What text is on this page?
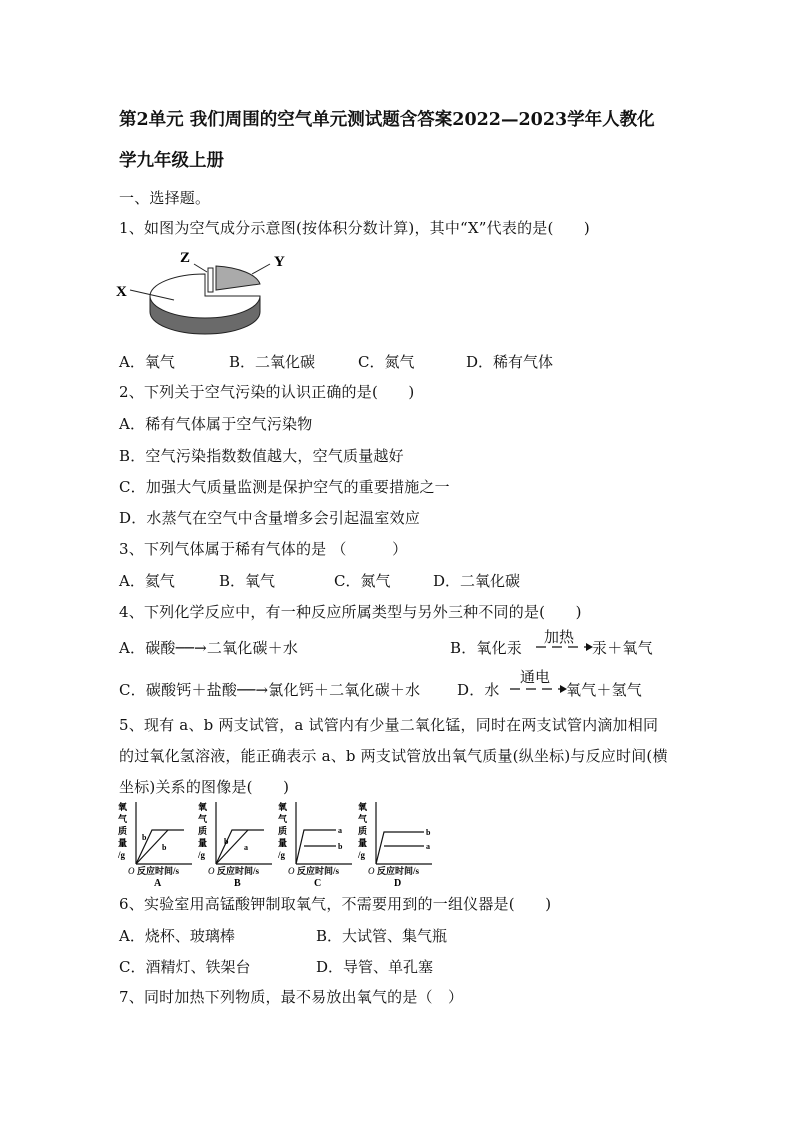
第2单元 我们周围的空气单元测试题含答案2022—2023学年人教化
学九年级上册
一、选择题。
1、如图为空气成分示意图(按体积分数计算)，其中“X”代表的是(　　)
X
Z	Y
A．氧气	B．二氧化碳	C．氮气	D．稀有气体
2、下列关于空气污染的认识正确的是(　　)
A．稀有气体属于空气污染物
B．空气污染指数数值越大，空气质量越好
C．加强大气质量监测是保护空气的重要措施之一
D．水蒸气在空气中含量增多会引起温室效应
3、下列气体属于稀有气体的是 （　　　）
A．氦气	B．氧气	C．氮气	D．二氧化碳
4、下列化学反应中，有一种反应所属类型与另外三种不同的是(　　)
A．碳酸──→二氧化碳＋水	B．氧化汞
加热
汞＋氧气
C．碳酸钙＋盐酸──→氯化钙＋二氧化碳＋水 D．水
通电
氧气＋氢气
5、现有 a、b 两支试管，a 试管内有少量二氧化锰，同时在两支试管内滴加相同
的过氧化氢溶液，能正确表示 a、b 两支试管放出氧气质量(纵坐标)与反应时间(横
坐标)关系的图像是(　　)
氧
气
质
量
/g
O 反应时间/s
A
b
b
氧
气
质
量
/g
O 反应时间/s
B
b
a
氧
气
质
量
/g
O 反应时间/s
C
a
b
氧
气
质
量
/g
O 反应时间/s
D
b
a
6、实验室用高锰酸钾制取氧气，不需要用到的一组仪器是(　　)
A．烧杯、玻璃棒	B．大试管、集气瓶
C．酒精灯、铁架台	D．导管、单孔塞
7、同时加热下列物质，最不易放出氧气的是（　）
